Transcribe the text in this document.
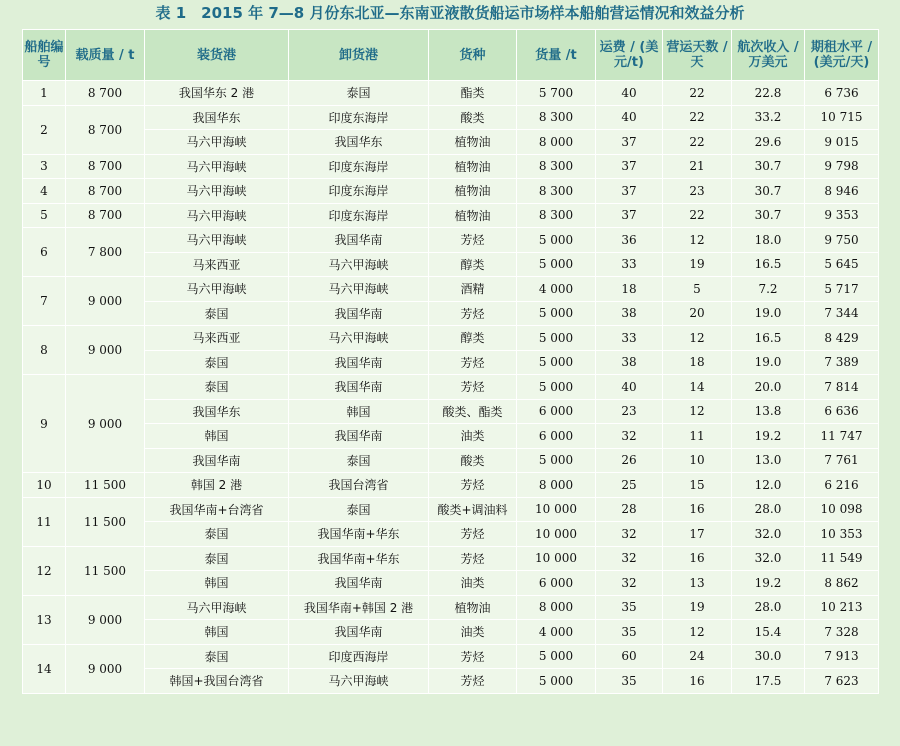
表 1　2015 年 7—8 月份东北亚—东南亚液散货船运市场样本船舶营运情况和效益分析
船舶编号	载质量 / t	装货港	卸货港	货种	货量 /t	运费 / (美元/t)	营运天数 / 天	航次收入 / 万美元	期租水平 / (美元/天)
1	8 700	我国华东 2 港	泰国	酯类	5 700	40	22	22.8	6 736
2	8 700	我国华东	印度东海岸	酸类	8 300	40	22	33.2	10 715
		马六甲海峡	我国华东	植物油	8 000	37	22	29.6	9 015
3	8 700	马六甲海峡	印度东海岸	植物油	8 300	37	21	30.7	9 798
4	8 700	马六甲海峡	印度东海岸	植物油	8 300	37	23	30.7	8 946
5	8 700	马六甲海峡	印度东海岸	植物油	8 300	37	22	30.7	9 353
6	7 800	马六甲海峡	我国华南	芳烃	5 000	36	12	18.0	9 750
		马来西亚	马六甲海峡	醇类	5 000	33	19	16.5	5 645
7	9 000	马六甲海峡	马六甲海峡	酒精	4 000	18	5	7.2	5 717
		泰国	我国华南	芳烃	5 000	38	20	19.0	7 344
8	9 000	马来西亚	马六甲海峡	醇类	5 000	33	12	16.5	8 429
		泰国	我国华南	芳烃	5 000	38	18	19.0	7 389
9	9 000	泰国	我国华南	芳烃	5 000	40	14	20.0	7 814
		我国华东	韩国	酸类、酯类	6 000	23	12	13.8	6 636
		韩国	我国华南	油类	6 000	32	11	19.2	11 747
		我国华南	泰国	酸类	5 000	26	10	13.0	7 761
10	11 500	韩国 2 港	我国台湾省	芳烃	8 000	25	15	12.0	6 216
11	11 500	我国华南+台湾省	泰国	酸类+调油料	10 000	28	16	28.0	10 098
		泰国	我国华南+华东	芳烃	10 000	32	17	32.0	10 353
12	11 500	泰国	我国华南+华东	芳烃	10 000	32	16	32.0	11 549
		韩国	我国华南	油类	6 000	32	13	19.2	8 862
13	9 000	马六甲海峡	我国华南+韩国 2 港	植物油	8 000	35	19	28.0	10 213
		韩国	我国华南	油类	4 000	35	12	15.4	7 328
14	9 000	泰国	印度西海岸	芳烃	5 000	60	24	30.0	7 913
		韩国+我国台湾省	马六甲海峡	芳烃	5 000	35	16	17.5	7 623
